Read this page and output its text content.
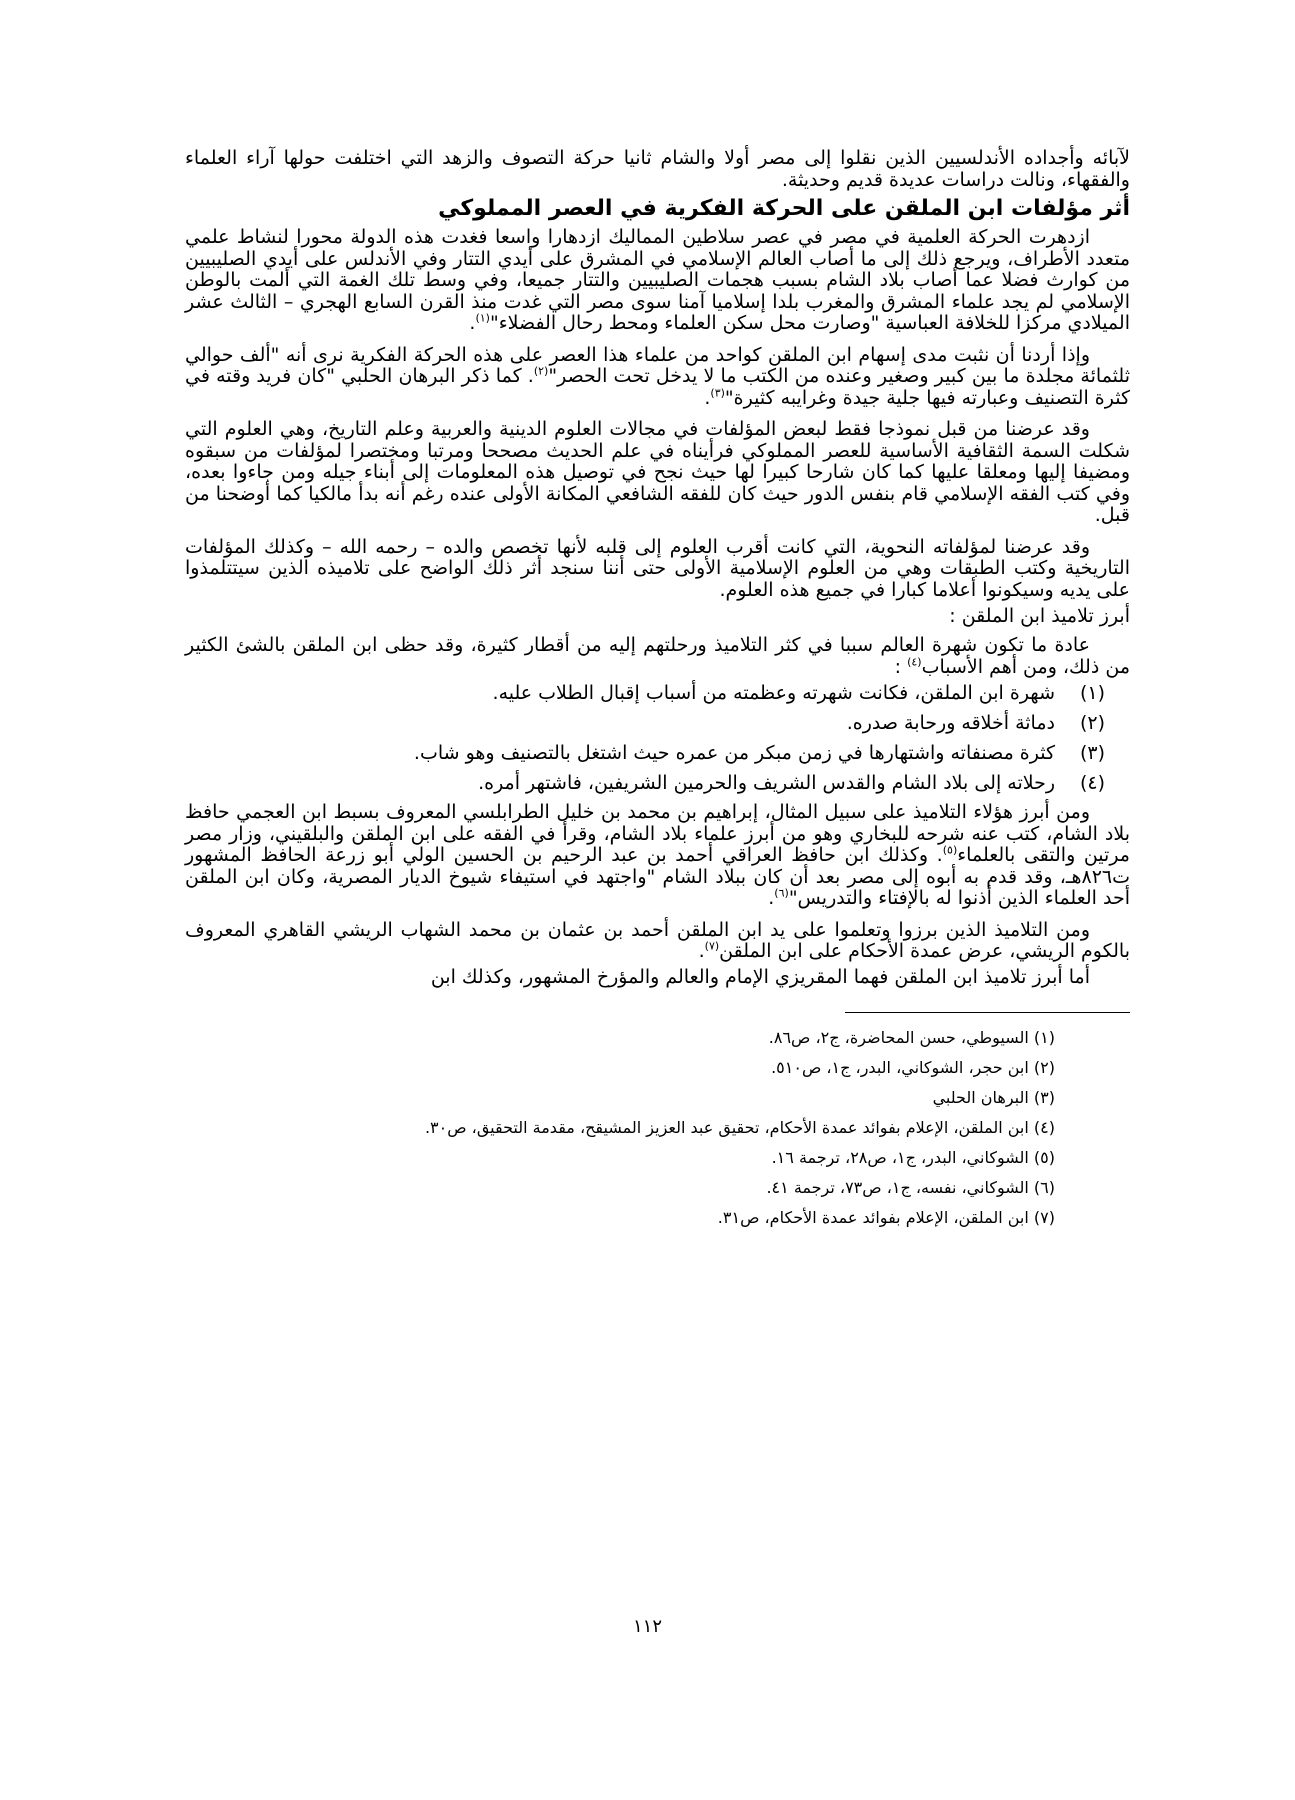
لآبائه وأجداده الأندلسيين الذين نقلوا إلى مصر أولا والشام ثانيا حركة التصوف والزهد التي اختلفت حولها آراء العلماء والفقهاء، ونالت دراسات عديدة قديم وحديثة.

أثر مؤلفات ابن الملقن على الحركة الفكرية في العصر المملوكي

ازدهرت الحركة العلمية في مصر في عصر سلاطين المماليك ازدهارا واسعا فغدت هذه الدولة محورا لنشاط علمي متعدد الأطراف، ويرجع ذلك إلى ما أصاب العالم الإسلامي في المشرق على أيدي التتار وفي الأندلس على أيدي الصليبيين من كوارث فضلا عما أصاب بلاد الشام بسبب هجمات الصليبيين والتتار جميعا، وفي وسط تلك الغمة التي ألمت بالوطن الإسلامي لم يجد علماء المشرق والمغرب بلدا إسلاميا آمنا سوى مصر التي غدت منذ القرن السابع الهجري – الثالث عشر الميلادي مركزا للخلافة العباسية "وصارت محل سكن العلماء ومحط رحال الفضلاء"$^{(١)}$.

وإذا أردنا أن نثبت مدى إسهام ابن الملقن كواحد من علماء هذا العصر على هذه الحركة الفكرية نرى أنه "ألف حوالي ثلثمائة مجلدة ما بين كبير وصغير وعنده من الكتب ما لا يدخل تحت الحصر"$^{(٢)}$. كما ذكر البرهان الحلبي "كان فريد وقته في كثرة التصنيف وعبارته فيها جلية جيدة وغرايبه كثيرة"$^{(٣)}$.

وقد عرضنا من قبل نموذجا فقط لبعض المؤلفات في مجالات العلوم الدينية والعربية وعلم التاريخ، وهي العلوم التي شكلت السمة الثقافية الأساسية للعصر المملوكي فرأيناه في علم الحديث مصححا ومرتبا ومختصرا لمؤلفات من سبقوه ومضيفا إليها ومعلقا عليها كما كان شارحا كبيرا لها حيث نجح في توصيل هذه المعلومات إلى أبناء جيله ومن جاءوا بعده، وفي كتب الفقه الإسلامي قام بنفس الدور حيث كان للفقه الشافعي المكانة الأولى عنده رغم أنه بدأ مالكيا كما أوضحنا من قبل.

وقد عرضنا لمؤلفاته النحوية، التي كانت أقرب العلوم إلى قلبه لأنها تخصص والده – رحمه الله – وكذلك المؤلفات التاريخية وكتب الطبقات وهي من العلوم الإسلامية الأولى حتى أننا سنجد أثر ذلك الواضح على تلاميذه الذين سيتتلمذوا على يديه وسيكونوا أعلاما كبارا في جميع هذه العلوم.

أبرز تلاميذ ابن الملقن :

عادة ما تكون شهرة العالم سببا في كثر التلاميذ ورحلتهم إليه من أقطار كثيرة، وقد حظى ابن الملقن بالشئ الكثير من ذلك، ومن أهم الأسباب$^{(٤)}$ :

(١)
شهرة ابن الملقن، فكانت شهرته وعظمته من أسباب إقبال الطلاب عليه.
(٢)
دماثة أخلاقه ورحابة صدره.
(٣)
كثرة مصنفاته واشتهارها في زمن مبكر من عمره حيث اشتغل بالتصنيف وهو شاب.
(٤)
رحلاته إلى بلاد الشام والقدس الشريف والحرمين الشريفين، فاشتهر أمره.

ومن أبرز هؤلاء التلاميذ على سبيل المثال، إبراهيم بن محمد بن خليل الطرابلسي المعروف بسبط ابن العجمي حافظ بلاد الشام، كتب عنه شرحه للبخاري وهو من أبرز علماء بلاد الشام، وقرأ في الفقه على ابن الملقن والبلقيني، وزار مصر مرتين والتقى بالعلماء$^{(٥)}$. وكذلك ابن حافظ العراقي أحمد بن عبد الرحيم بن الحسين الولي أبو زرعة الحافظ المشهور ت٨٢٦هـ، وقد قدم به أبوه إلى مصر بعد أن كان ببلاد الشام "واجتهد في استيفاء شيوخ الديار المصرية، وكان ابن الملقن أحد العلماء الذين أذنوا له بالإفتاء والتدريس"$^{(٦)}$.

ومن التلاميذ الذين برزوا وتعلموا على يد ابن الملقن أحمد بن عثمان بن محمد الشهاب الريشي القاهري المعروف بالكوم الريشي، عرض عمدة الأحكام على ابن الملقن$^{(٧)}$.

أما أبرز تلاميذ ابن الملقن فهما المقريزي الإمام والعالم والمؤرخ المشهور، وكذلك ابن

(١) السيوطي، حسن المحاضرة، ج٢، ص٨٦.
(٢) ابن حجر، الشوكاني، البدر، ج١، ص٥١٠.
(٣) البرهان الحلبي
(٤) ابن الملقن، الإعلام بفوائد عمدة الأحكام، تحقيق عبد العزيز المشيقح، مقدمة التحقيق، ص٣٠.
(٥) الشوكاني، البدر، ج١، ص٢٨، ترجمة ١٦.
(٦) الشوكاني، نفسه، ج١، ص٧٣، ترجمة ٤١.
(٧) ابن الملقن، الإعلام بفوائد عمدة الأحكام، ص٣١.
١١٢
